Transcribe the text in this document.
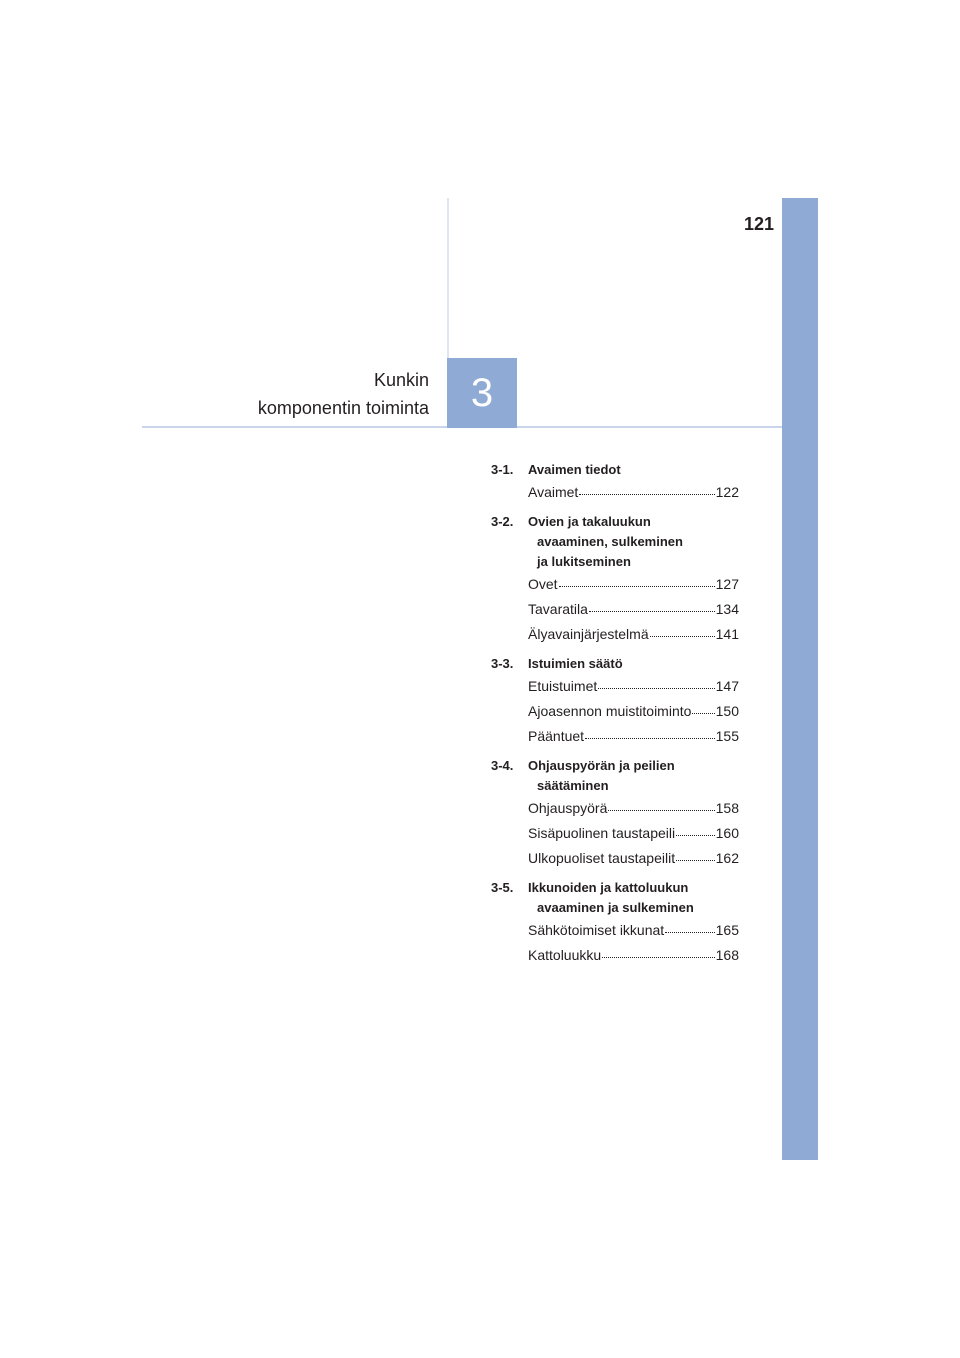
121
Kunkin
komponentin toiminta 3
3-1.	Avaimen tiedot
Avaimet	122
3-2.	Ovien ja takaluukun
avaaminen, sulkeminen
ja lukitseminen
Ovet	127
Tavaratila	134
Älyavainjärjestelmä	141
3-3.	Istuimien säätö
Etuistuimet	147
Ajoasennon muistitoiminto 150
Pääntuet	155
3-4.	Ohjauspyörän ja peilien
säätäminen
Ohjauspyörä	158
Sisäpuolinen taustapeili	160
Ulkopuoliset taustapeilit	162
3-5.	Ikkunoiden ja kattoluukun
avaaminen ja sulkeminen
Sähkötoimiset ikkunat	165
Kattoluukku	168
